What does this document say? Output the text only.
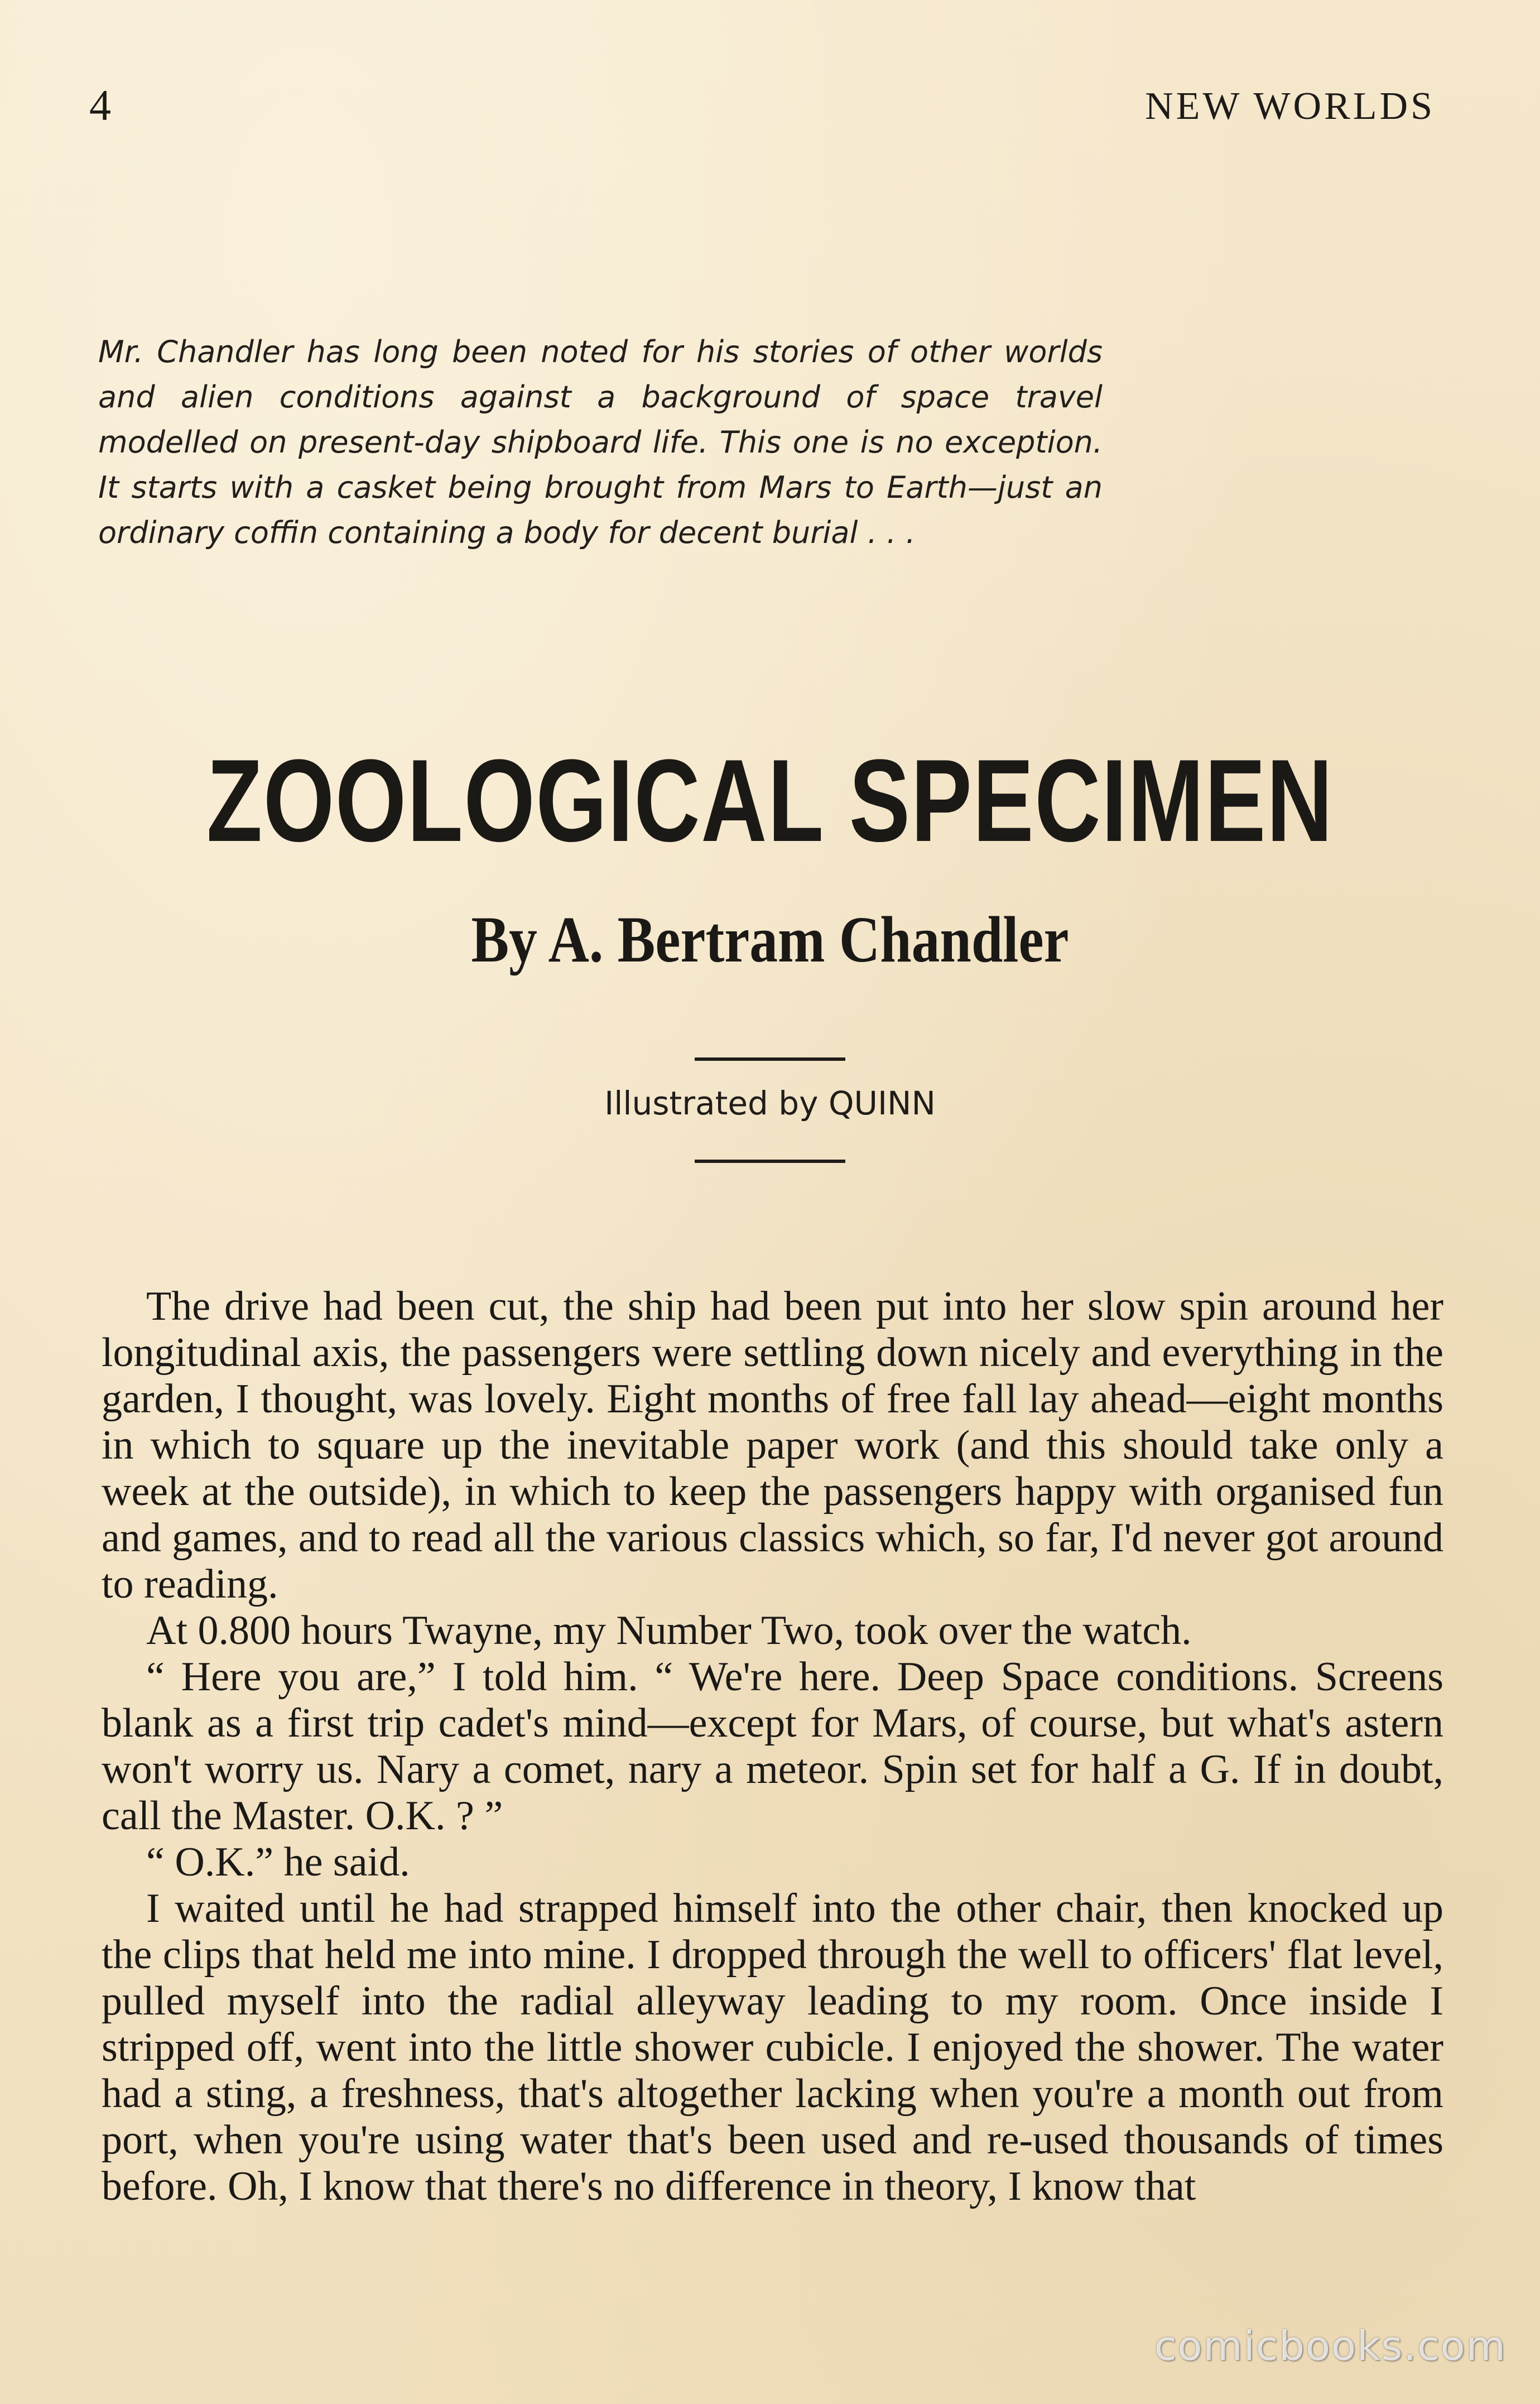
4	NEW WORLDS
Mr. Chandler has long been noted for his stories of other worlds and alien conditions against a background of space travel modelled on present-day shipboard life. This one is no exception. It starts with a casket being brought from Mars to Earth—just an ordinary coffin containing a body for decent burial . . .
ZOOLOGICAL SPECIMEN
By A. Bertram Chandler
Illustrated by QUINN

The drive had been cut, the ship had been put into her slow spin around her longitudinal axis, the passengers were settling down nicely and everything in the garden, I thought, was lovely. Eight months of free fall lay ahead—eight months in which to square up the inevitable paper work (and this should take only a week at the outside), in which to keep the passengers happy with organised fun and games, and to read all the various classics which, so far, I'd never got around to reading.

At 0.800 hours Twayne, my Number Two, took over the watch.

“ Here you are,” I told him. “ We're here. Deep Space conditions. Screens blank as a first trip cadet's mind—except for Mars, of course, but what's astern won't worry us. Nary a comet, nary a meteor. Spin set for half a G. If in doubt, call the Master. O.K. ? ”

“ O.K.” he said.

I waited until he had strapped himself into the other chair, then knocked up the clips that held me into mine. I dropped through the well to officers' flat level, pulled myself into the radial alleyway leading to my room. Once inside I stripped off, went into the little shower cubicle. I enjoyed the shower. The water had a sting, a freshness, that's altogether lacking when you're a month out from port, when you're using water that's been used and re-used thousands of times before. Oh, I know that there's no difference in theory, I know that

comicbooks.com
